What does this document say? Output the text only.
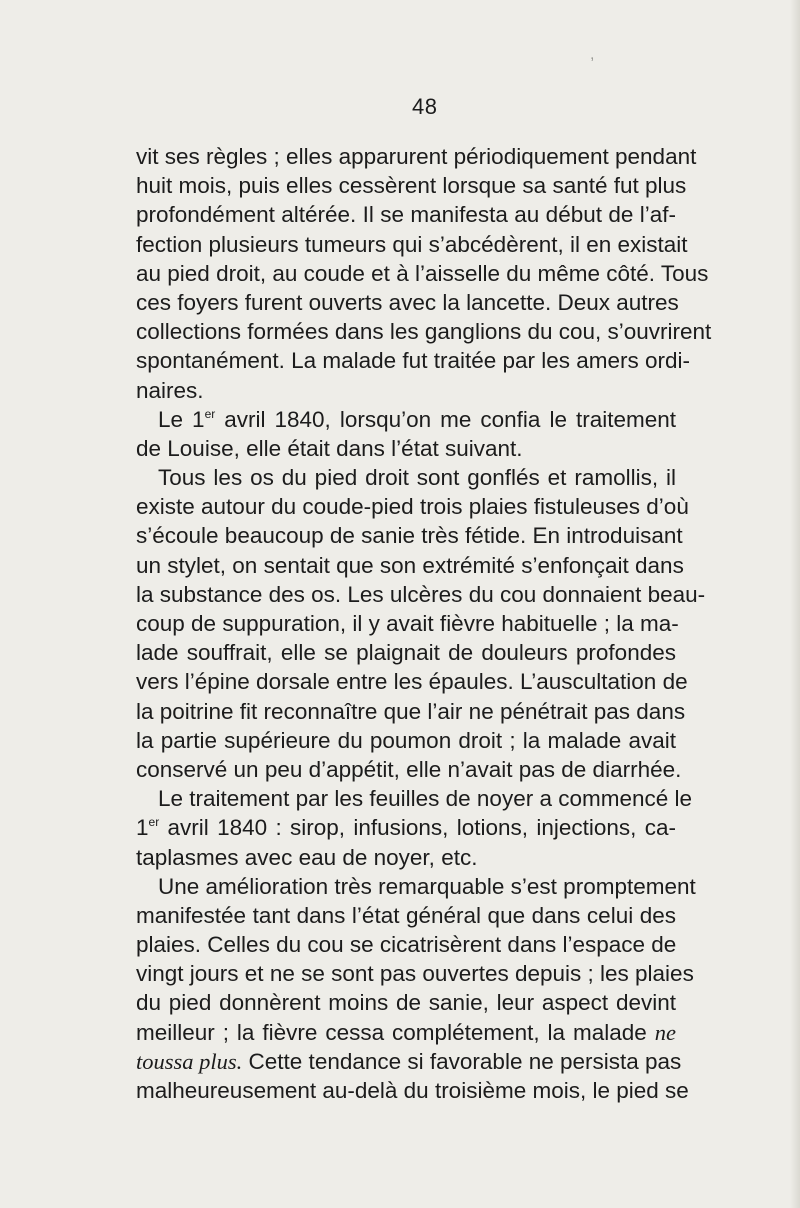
,
48
vit ses règles ; elles apparurent périodiquement pendant
huit mois, puis elles cessèrent lorsque sa santé fut plus
profondément altérée. Il se manifesta au début de l’af-
fection plusieurs tumeurs qui s’abcédèrent, il en existait
au pied droit, au coude et à l’aisselle du même côté. Tous
ces foyers furent ouverts avec la lancette. Deux autres
collections formées dans les ganglions du cou, s’ouvrirent
spontanément. La malade fut traitée par les amers ordi-
naires.
Le 1er avril 1840, lorsqu’on me confia le traitement
de Louise, elle était dans l’état suivant.
Tous les os du pied droit sont gonflés et ramollis, il
existe autour du coude-pied trois plaies fistuleuses d’où
s’écoule beaucoup de sanie très fétide. En introduisant
un stylet, on sentait que son extrémité s’enfonçait dans
la substance des os. Les ulcères du cou donnaient beau-
coup de suppuration, il y avait fièvre habituelle ; la ma-
lade souffrait, elle se plaignait de douleurs profondes
vers l’épine dorsale entre les épaules. L’auscultation de
la poitrine fit reconnaître que l’air ne pénétrait pas dans
la partie supérieure du poumon droit ; la malade avait
conservé un peu d’appétit, elle n’avait pas de diarrhée.
Le traitement par les feuilles de noyer a commencé le
1er avril 1840 : sirop, infusions, lotions, injections, ca-
taplasmes avec eau de noyer, etc.
Une amélioration très remarquable s’est promptement
manifestée tant dans l’état général que dans celui des
plaies. Celles du cou se cicatrisèrent dans l’espace de
vingt jours et ne se sont pas ouvertes depuis ; les plaies
du pied donnèrent moins de sanie, leur aspect devint
meilleur ; la fièvre cessa complétement, la malade ne
toussa plus. Cette tendance si favorable ne persista pas
malheureusement au-delà du troisième mois, le pied se
